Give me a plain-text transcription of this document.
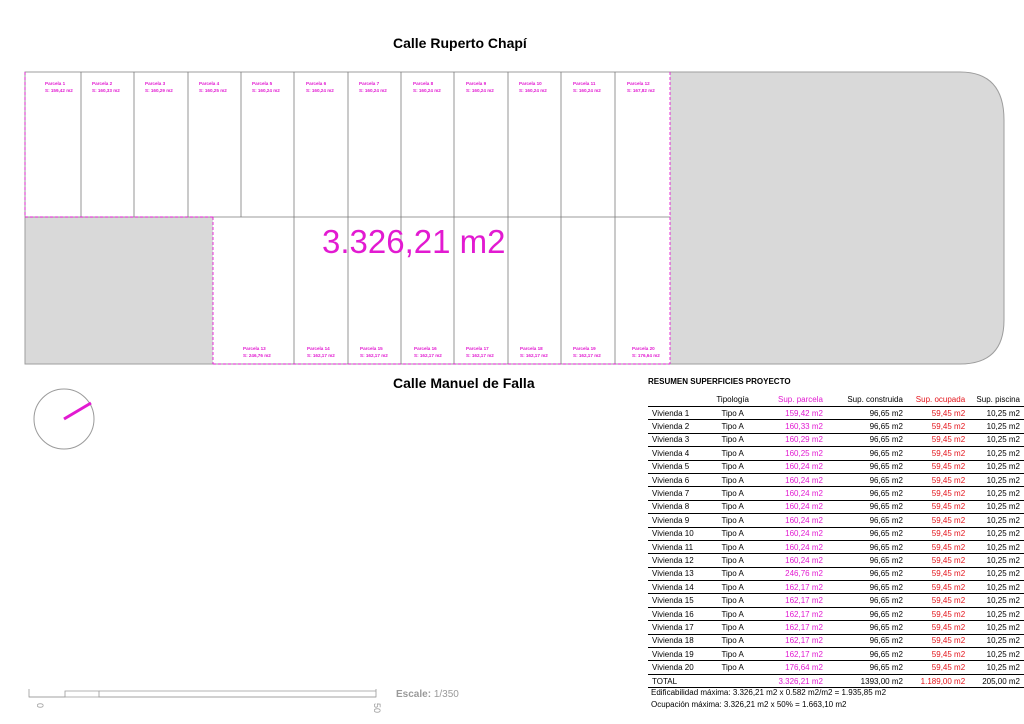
Parcela 1
S: 159,42 m2
Parcela 2
S: 160,33 m2
Parcela 3
S: 160,29 m2
Parcela 4
S: 160,25 m2
Parcela 5
S: 160,24 m2
Parcela 6
S: 160,24 m2
Parcela 7
S: 160,24 m2
Parcela 8
S: 160,24 m2
Parcela 9
S: 160,24 m2
Parcela 10
S: 160,24 m2
Parcela 11
S: 160,24 m2
Parcela 12
S: 167,82 m2
Parcela 13
S: 246,76 m2
Parcela 14
S: 162,17 m2
Parcela 15
S: 162,17 m2
Parcela 16
S: 162,17 m2
Parcela 17
S: 162,17 m2
Parcela 18
S: 162,17 m2
Parcela 19
S: 162,17 m2
Parcela 20
S: 176,64 m2
3.326,21 m2
0	50
Calle Ruperto Chapí
Calle Manuel de Falla
Escale: 1/350
RESUMEN SUPERFICIES PROYECTO
	Tipología	Sup. parcela	Sup. construida	Sup. ocupada	Sup. piscina
Vivienda 1	Tipo A	159,42 m2	96,65 m2	59,45 m2	10,25 m2
Vivienda 2	Tipo A	160,33 m2	96,65 m2	59,45 m2	10,25 m2
Vivienda 3	Tipo A	160,29 m2	96,65 m2	59,45 m2	10,25 m2
Vivienda 4	Tipo A	160,25 m2	96,65 m2	59,45 m2	10,25 m2
Vivienda 5	Tipo A	160,24 m2	96,65 m2	59,45 m2	10,25 m2
Vivienda 6	Tipo A	160,24 m2	96,65 m2	59,45 m2	10,25 m2
Vivienda 7	Tipo A	160,24 m2	96,65 m2	59,45 m2	10,25 m2
Vivienda 8	Tipo A	160,24 m2	96,65 m2	59,45 m2	10,25 m2
Vivienda 9	Tipo A	160,24 m2	96,65 m2	59,45 m2	10,25 m2
Vivienda 10	Tipo A	160,24 m2	96,65 m2	59,45 m2	10,25 m2
Vivienda 11	Tipo A	160,24 m2	96,65 m2	59,45 m2	10,25 m2
Vivienda 12	Tipo A	160,24 m2	96,65 m2	59,45 m2	10,25 m2
Vivienda 13	Tipo A	246,76 m2	96,65 m2	59,45 m2	10,25 m2
Vivienda 14	Tipo A	162,17 m2	96,65 m2	59,45 m2	10,25 m2
Vivienda 15	Tipo A	162,17 m2	96,65 m2	59,45 m2	10,25 m2
Vivienda 16	Tipo A	162,17 m2	96,65 m2	59,45 m2	10,25 m2
Vivienda 17	Tipo A	162,17 m2	96,65 m2	59,45 m2	10,25 m2
Vivienda 18	Tipo A	162,17 m2	96,65 m2	59,45 m2	10,25 m2
Vivienda 19	Tipo A	162,17 m2	96,65 m2	59,45 m2	10,25 m2
Vivienda 20	Tipo A	176,64 m2	96,65 m2	59,45 m2	10,25 m2
TOTAL		3.326,21 m2	1393,00 m2	1.189,00 m2	205,00 m2
Edificabilidad máxima: 3.326,21 m2 x 0.582 m2/m2 = 1.935,85 m2
Ocupación máxima: 3.326,21 m2 x 50% = 1.663,10 m2
